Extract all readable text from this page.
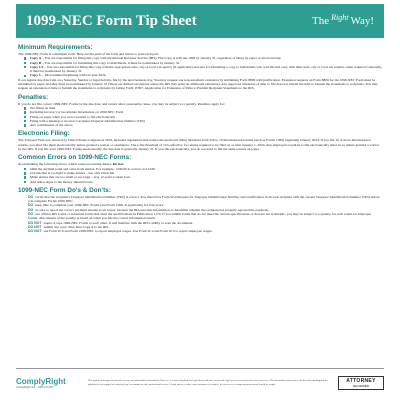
1099-NEC Form Tip Sheet	The Right Way!
Minimum Requirements:
The 1099-NEC Form is a multipart form. Here are the parts of the form and where to send each part:
Copy A – You are responsible for filing this copy with the Internal Revenue Service (IRS). File Copy A with the 1096 by January 31, regardless of filing by paper or electronically.
Copy B – You are responsible for furnishing this copy to individuals, it must be postmarked by January 31.
Copy 1/2 – You are responsible for filing this copy with the appropriate state, city or local tax agency (if applicable) and also for furnishing a copy to individuals who will file this copy with their state, city or local tax returns, when required. Generally, it must be postmarked by January 31.
Copy C – Discontinued beginning with tax year 2024.
If our regular due date falls on a Saturday, Sunday or legal holiday, file by the next business day. You may request one non-automatic extension by submitting Form 8809 with justification. Extension requests on Form 8809 for the 1099-NEC Form must be submitted by paper and they must be postmarked by January 31 (There are limited exceptions where the IRS may grant an additional extension). Any approved extension of time to file does not extend the time to furnish the statements to recipients. You may request an extension of time to furnish the statements to recipients by faxing Form 15397, Application for Extension of Time to Furnish Recipient Statements to the IRS.
Penalties:
If you do not file correct 1099-NEC Forms by the due date, and cannot show reasonable cause, you may be subject to a penalty. Penalties apply for:
Not filing on time
Including incorrect or incomplete information on 1099-NEC Form
Filing on paper when you were required to file electronically
Filing with a missing or incorrect recipient Taxpayer Identification Number (TIN)
Any combination of the above
Electronic Filing:
The Taxpayer First Act, enacted by United States Congress in 2019, included regulations that reduce the electronic filing threshold from 250 to 10 informational returns (such as Forms 1099) beginning January 2024. If you file 10 or more informational returns, you must file them electronically unless granted a waiver or exemption. The e-file threshold of 10 is effective for returns required to be filed on or after January 1, 2024. Any employers required to file electronically must do so unless granted a waiver by the IRS. If you file your 1099-NEC Forms electronically, the due date is generally January 31. If you file electronically, you do not need to file the same returns on paper.
Common Errors on 1099-NEC Forms:
Avoid making the following errors, which cause processing delays. Do not:
Omit the decimal point and cents from entries. For example, 1230.00 is correct; not 1230
Use ink that is too light to make entries – use only black ink
Make entries that are too small or too large – stay 12 point Courier font
Add dollar signs to the money amount boxes
1099-NEC Form Do's & Don'ts:
DO verify that the recipient's Taxpayer Identification Number (TIN) is correct. You must have Form W-9 Request for Taxpayer Identification Number and Certification from each recipient with the current Taxpayer Identification Number (TIN) before you complete Forms 1099-NEC.
DO keep time to complete your 1099-NEC Forms (and Form 1096, if applicable) for four years.
DO be sure to report the correct payment amount in all boxes; because the IRS uses this information to determine whether the recipient has properly reported the payment.
DO use official IRS forms or substitute forms that meet the specifications in Publication 1179. If you submit forms that do not meet the current specifications or that are not scannable, you may be subject to a penalty for each return for improper format. The amount of the penalty is based on when you file the correct information return.
DO NOT staple or tape 1099-NEC Forms to each other. It will interfere with the IRS's ability to scan the documents.
DO NOT submit any copy other than Copy A to the IRS.
DO NOT use Form W-9 and Form 1099-NEC to report employee wages. Use Form W-4 and Form W-2 to report employee wages.
ComplyRight
ComplyRight.com • 1.800.123.4567
This product is designed to provide accurate and authoritative information. However, it is not a substitute for legal advice and does not provide legal services or any specific facts or services. The information is presented with the understanding that the publisher is not engaged in rendering legal, accounting or other professional service. If legal advice or other expert assistance is required, the services of a competent professional should be sought.
ATTORNEY
REVIEWED
